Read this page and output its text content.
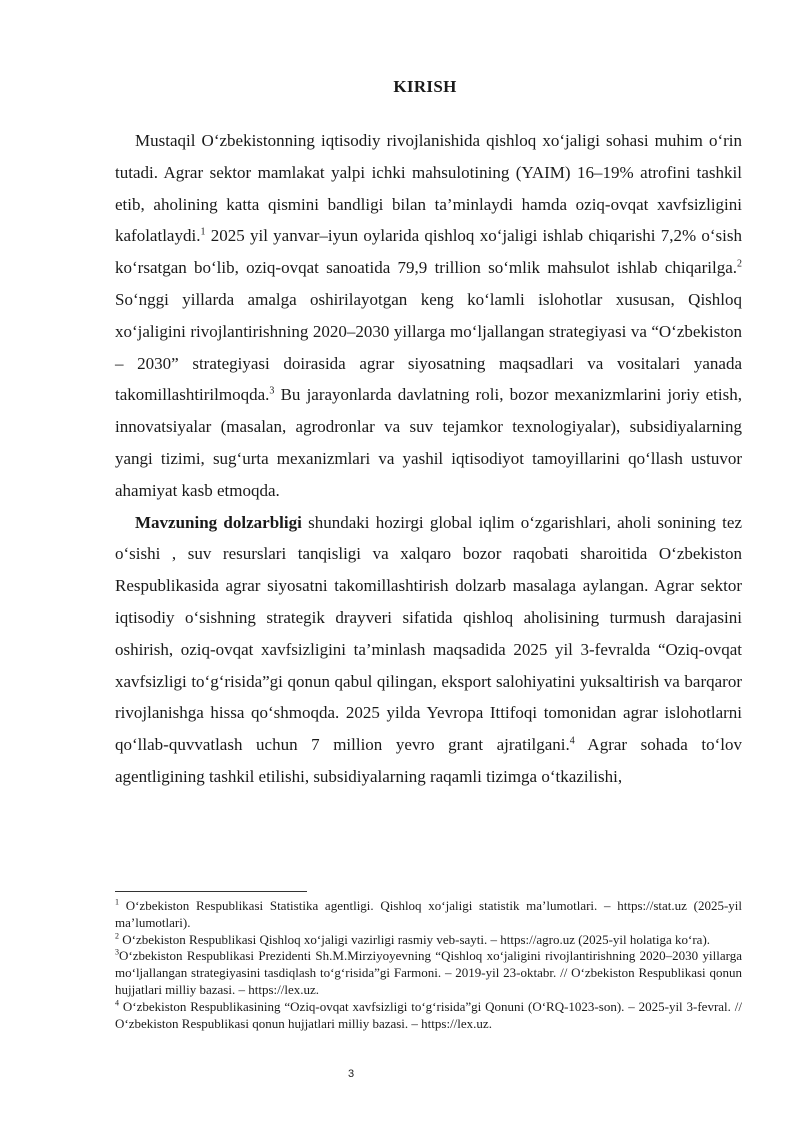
KIRISH

Mustaqil O‘zbekistonning iqtisodiy rivojlanishida qishloq xo‘jaligi sohasi muhim o‘rin tutadi. Agrar sektor mamlakat yalpi ichki mahsulotining (YAIM) 16–19% atrofini tashkil etib, aholining katta qismini bandligi bilan ta’minlaydi hamda oziq-ovqat xavfsizligini kafolatlaydi.$^1$ 2025 yil yanvar–iyun oylarida qishloq xo‘jaligi ishlab chiqarishi 7,2% o‘sish ko‘rsatgan bo‘lib, oziq-ovqat sanoatida 79,9 trillion so‘mlik mahsulot ishlab chiqarilga.$^2$ So‘nggi yillarda amalga oshirilayotgan keng ko‘lamli islohotlar xususan, Qishloq xo‘jaligini rivojlantirishning 2020–2030 yillarga mo‘ljallangan strategiyasi va “O‘zbekiston – 2030” strategiyasi doirasida agrar siyosatning maqsadlari va vositalari yanada takomillashtirilmoqda.$^3$ Bu jarayonlarda davlatning roli, bozor mexanizmlarini joriy etish, innovatsiyalar (masalan, agrodronlar va suv tejamkor texnologiyalar), subsidiyalarning yangi tizimi, sug‘urta mexanizmlari va yashil iqtisodiyot tamoyillarini qo‘llash ustuvor ahamiyat kasb etmoqda.

Mavzuning dolzarbligi shundaki hozirgi global iqlim o‘zgarishlari, aholi sonining tez o‘sishi , suv resurslari tanqisligi va xalqaro bozor raqobati sharoitida O‘zbekiston Respublikasida agrar siyosatni takomillashtirish dolzarb masalaga aylangan. Agrar sektor iqtisodiy o‘sishning strategik drayveri sifatida qishloq aholisining turmush darajasini oshirish, oziq-ovqat xavfsizligini ta’minlash maqsadida 2025 yil 3-fevralda “Oziq-ovqat xavfsizligi to‘g‘risida”gi qonun qabul qilingan, eksport salohiyatini yuksaltirish va barqaror rivojlanishga hissa qo‘shmoqda. 2025 yilda Yevropa Ittifoqi tomonidan agrar islohotlarni qo‘llab-quvvatlash uchun 7 million yevro grant ajratilgani.$^4$ Agrar sohada to‘lov agentligining tashkil etilishi, subsidiyalarning raqamli tizimga o‘tkazilishi,

$^1$ O‘zbekiston Respublikasi Statistika agentligi. Qishloq xo‘jaligi statistik ma’lumotlari. – https://stat.uz (2025-yil ma’lumotlari).

$^2$ O‘zbekiston Respublikasi Qishloq xo‘jaligi vazirligi rasmiy veb-sayti. – https://agro.uz (2025-yil holatiga ko‘ra).

$^3$O‘zbekiston Respublikasi Prezidenti Sh.M.Mirziyoyevning “Qishloq xo‘jaligini rivojlantirishning 2020–2030 yillarga mo‘ljallangan strategiyasini tasdiqlash to‘g‘risida”gi Farmoni. – 2019-yil 23-oktabr. // O‘zbekiston Respublikasi qonun hujjatlari milliy bazasi. – https://lex.uz.

$^4$ O‘zbekiston Respublikasining “Oziq-ovqat xavfsizligi to‘g‘risida”gi Qonuni (O‘RQ-1023-son). – 2025-yil 3-fevral. // O‘zbekiston Respublikasi qonun hujjatlari milliy bazasi. – https://lex.uz.

3
